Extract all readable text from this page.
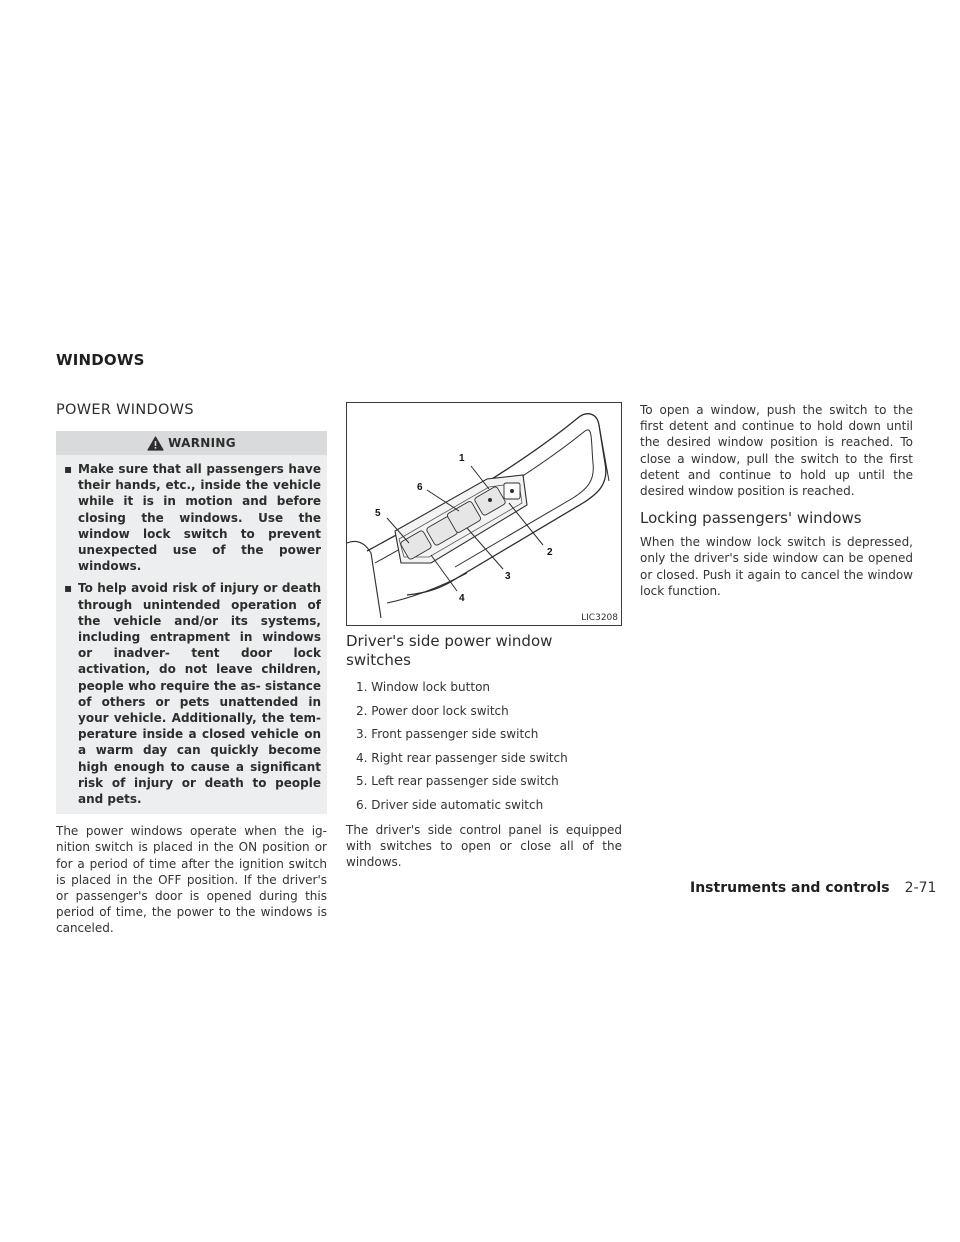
WINDOWS
POWER WINDOWS
WARNING
▪ Make sure that all passengers have their hands, etc., inside the vehicle while it is in motion and before closing the windows. Use the window lock switch to prevent unexpected use of the power windows.
▪ To help avoid risk of injury or death through unintended operation of the vehicle and/or its systems, including entrapment in windows or inadver- tent door lock activation, do not leave children, people who require the as- sistance of others or pets unattended in your vehicle. Additionally, the tem- perature inside a closed vehicle on a warm day can quickly become high enough to cause a significant risk of injury or death to people and pets.

The power windows operate when the ig- nition switch is placed in the ON position or for a period of time after the ignition switch is placed in the OFF position. If the driver's or passenger's door is opened during this period of time, the power to the windows is canceled.

1
2
3
4
5
6
LIC3208
Driver's side power window switches
1. Window lock button
2. Power door lock switch
3. Front passenger side switch
4. Right rear passenger side switch
5. Left rear passenger side switch
6. Driver side automatic switch

The driver's side control panel is equipped with switches to open or close all of the windows.

To open a window, push the switch to the first detent and continue to hold down until the desired window position is reached. To close a window, pull the switch to the first detent and continue to hold up until the desired window position is reached.

Locking passengers' windows

When the window lock switch is depressed, only the driver's side window can be opened or closed. Push it again to cancel the window lock function.

Instruments and controls 2-71
